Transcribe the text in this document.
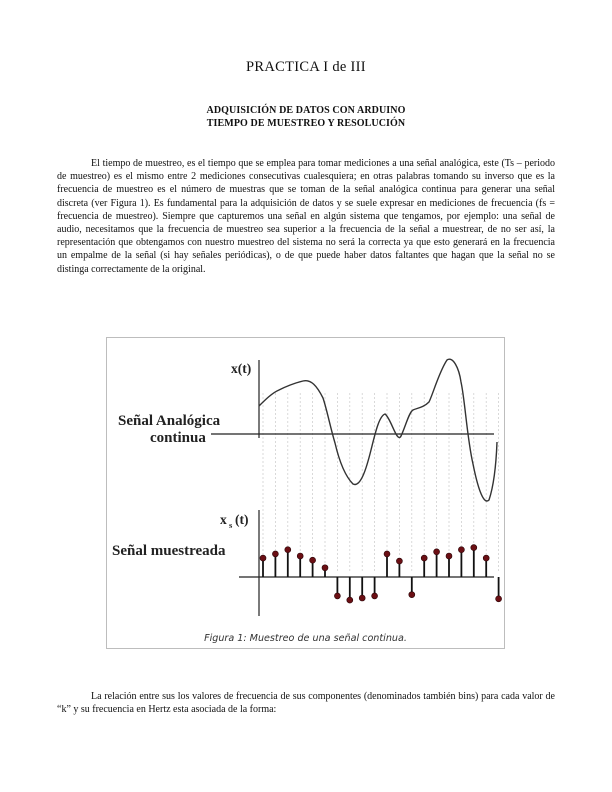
PRACTICA I de III
ADQUISICIÓN DE DATOS CON ARDUINO
TIEMPO DE MUESTREO Y RESOLUCIÓN

El tiempo de muestreo, es el tiempo que se emplea para tomar mediciones a una señal analógica, este (Ts – periodo de muestreo) es el mismo entre 2 mediciones consecutivas cualesquiera; en otras palabras tomando su inverso que es la frecuencia de muestreo es el número de muestras que se toman de la señal analógica continua para generar una señal discreta (ver Figura 1). Es fundamental para la adquisición de datos y se suele expresar en mediciones de frecuencia (fs = frecuencia de muestreo). Siempre que capturemos una señal en algún sistema que tengamos, por ejemplo: una señal de audio, necesitamos que la frecuencia de muestreo sea superior a la frecuencia de la señal a muestrear, de no ser así, la representación que obtengamos con nuestro muestreo del sistema no será la correcta ya que esto generará en la frecuencia un empalme de la señal (si hay señales periódicas), o de que puede haber datos faltantes que hagan que la señal no se distinga correctamente de la original.

x(t)
Señal Analógica
continua
Señal muestreada
x s (t)
Figura 1: Muestreo de una señal continua.

La relación entre sus los valores de frecuencia de sus componentes (denominados también bins) para cada valor de “k” y su frecuencia en Hertz esta asociada de la forma:
